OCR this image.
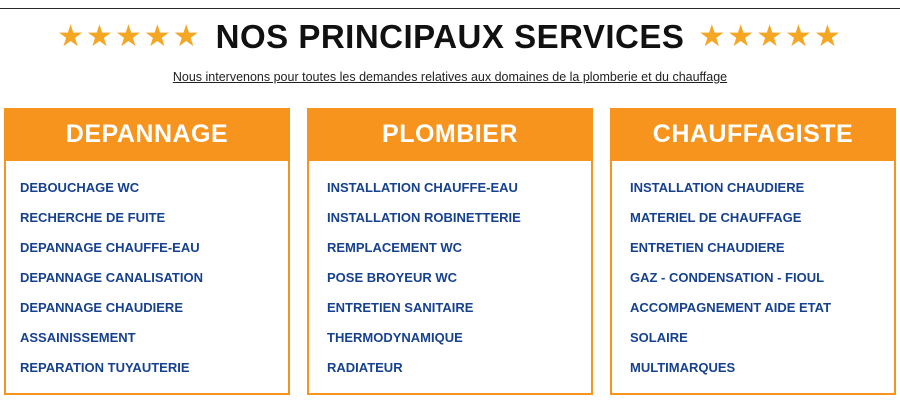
★★★★★ NOS PRINCIPAUX SERVICES ★★★★★
Nous intervenons pour toutes les demandes relatives aux domaines de la plomberie et du chauffage
DEPANNAGE
DEBOUCHAGE WC
RECHERCHE DE FUITE
DEPANNAGE CHAUFFE-EAU
DEPANNAGE CANALISATION
DEPANNAGE CHAUDIERE
ASSAINISSEMENT
REPARATION TUYAUTERIE
PLOMBIER
INSTALLATION CHAUFFE-EAU
INSTALLATION ROBINETTERIE
REMPLACEMENT WC
POSE BROYEUR WC
ENTRETIEN SANITAIRE
THERMODYNAMIQUE
RADIATEUR
CHAUFFAGISTE
INSTALLATION CHAUDIERE
MATERIEL DE CHAUFFAGE
ENTRETIEN CHAUDIERE
GAZ - CONDENSATION - FIOUL
ACCOMPAGNEMENT AIDE ETAT
SOLAIRE
MULTIMARQUES
